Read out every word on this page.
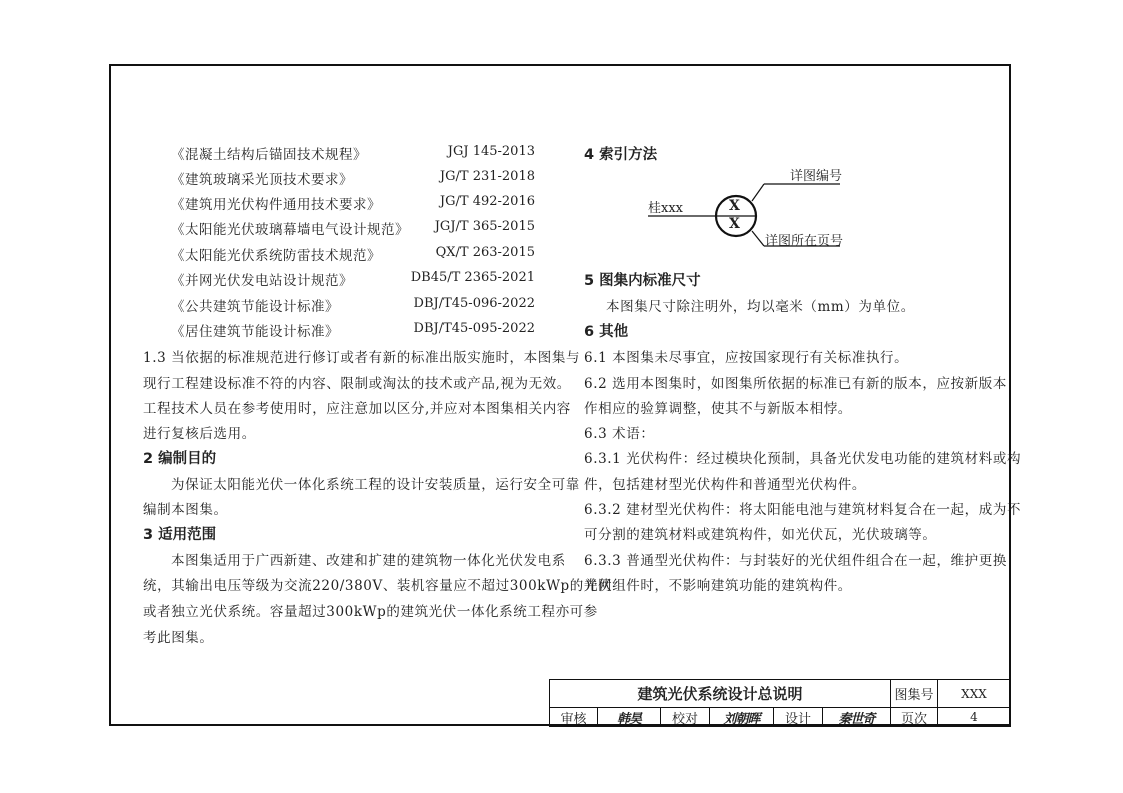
《混凝土结构后锚固技术规程》	JGJ 145-2013
《建筑玻璃采光顶技术要求》	JG/T 231-2018
《建筑用光伏构件通用技术要求》	JG/T 492-2016
《太阳能光伏玻璃幕墙电气设计规范》 JGJ/T 365-2015
《太阳能光伏系统防雷技术规范》	QX/T 263-2015
《并网光伏发电站设计规范》	DB45/T 2365-2021
《公共建筑节能设计标准》	DBJ/T45-096-2022
《居住建筑节能设计标准》	DBJ/T45-095-2022
1.3 当依据的标准规范进行修订或者有新的标准出版实施时，本图集与
现行工程建设标准不符的内容、限制或淘汰的技术或产品,视为无效。
工程技术人员在参考使用时，应注意加以区分,并应对本图集相关内容
进行复核后选用。
2 编制目的
为保证太阳能光伏一体化系统工程的设计安装质量，运行安全可靠
编制本图集。
3 适用范围
本图集适用于广西新建、改建和扩建的建筑物一体化光伏发电系
统，其输出电压等级为交流220/380V、装机容量应不超过300kWp的并网
或者独立光伏系统。容量超过300kWp的建筑光伏一体化系统工程亦可参
考此图集。
4 索引方法
桂xxx	X
X
详图编号
详图所在页号
5 图集内标准尺寸
本图集尺寸除注明外，均以毫米（mm）为单位。
6 其他
6.1 本图集未尽事宜，应按国家现行有关标准执行。
6.2 选用本图集时，如图集所依据的标准已有新的版本，应按新版本
作相应的验算调整，使其不与新版本相悖。
6.3 术语：
6.3.1 光伏构件：经过模块化预制，具备光伏发电功能的建筑材料或构
件，包括建材型光伏构件和普通型光伏构件。
6.3.2 建材型光伏构件：将太阳能电池与建筑材料复合在一起，成为不
可分割的建筑材料或建筑构件，如光伏瓦，光伏玻璃等。
6.3.3 普通型光伏构件：与封装好的光伏组件组合在一起，维护更换
光伏组件时，不影响建筑功能的建筑构件。
建筑光伏系统设计总说明	图集号	XXX
审核	韩昊	校对	刘朝晖	设计	秦世奇	页次	4
